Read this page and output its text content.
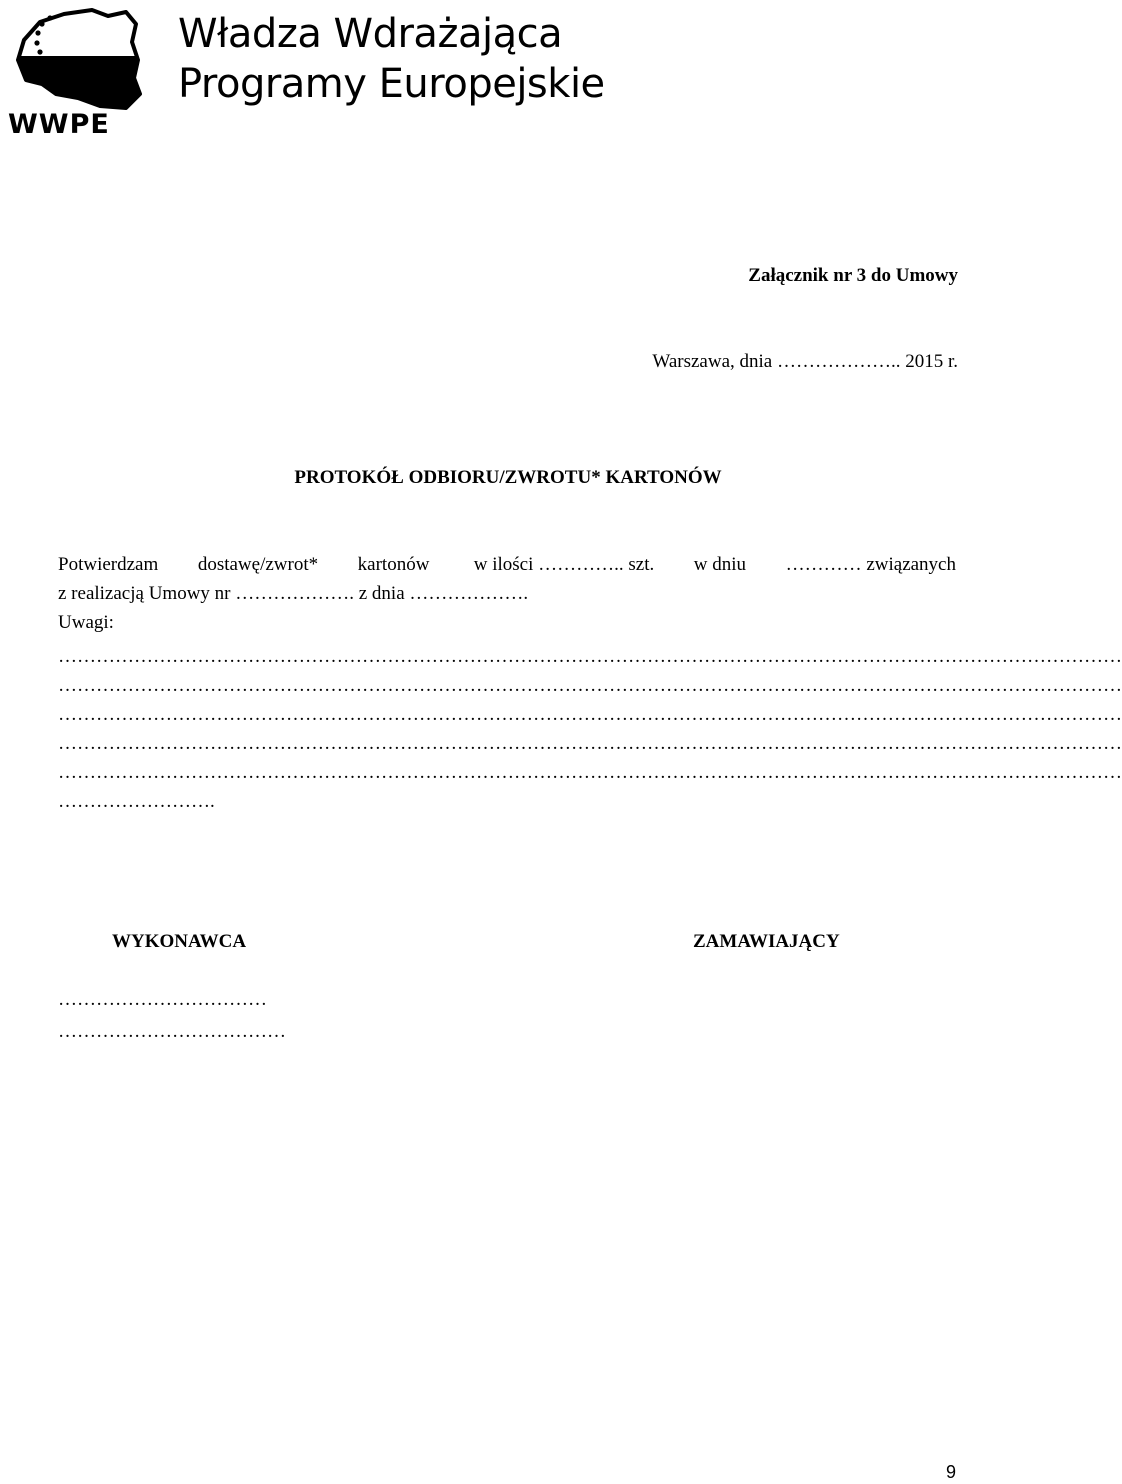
WWPE
Władza Wdrażająca
Programy Europejskie
Załącznik nr 3 do Umowy
Warszawa, dnia ……………….. 2015 r.
PROTOKÓŁ ODBIORU/ZWROTU* KARTONÓW
Potwierdzam dostawę/zwrot* kartonów w ilości ………….. szt. w dniu ………… związanych
z realizacją Umowy nr ………………. z dnia ……………….
Uwagi:
……………………………………………………………………………………………………………………………………………………
……………………………………………………………………………………………………………………………………………………
……………………………………………………………………………………………………………………………………………………
……………………………………………………………………………………………………………………………………………………
……………………………………………………………………………………………………………………………………………………
…………………….
WYKONAWCA	ZAMAWIAJĄCY
……………………………
………………………………
9
